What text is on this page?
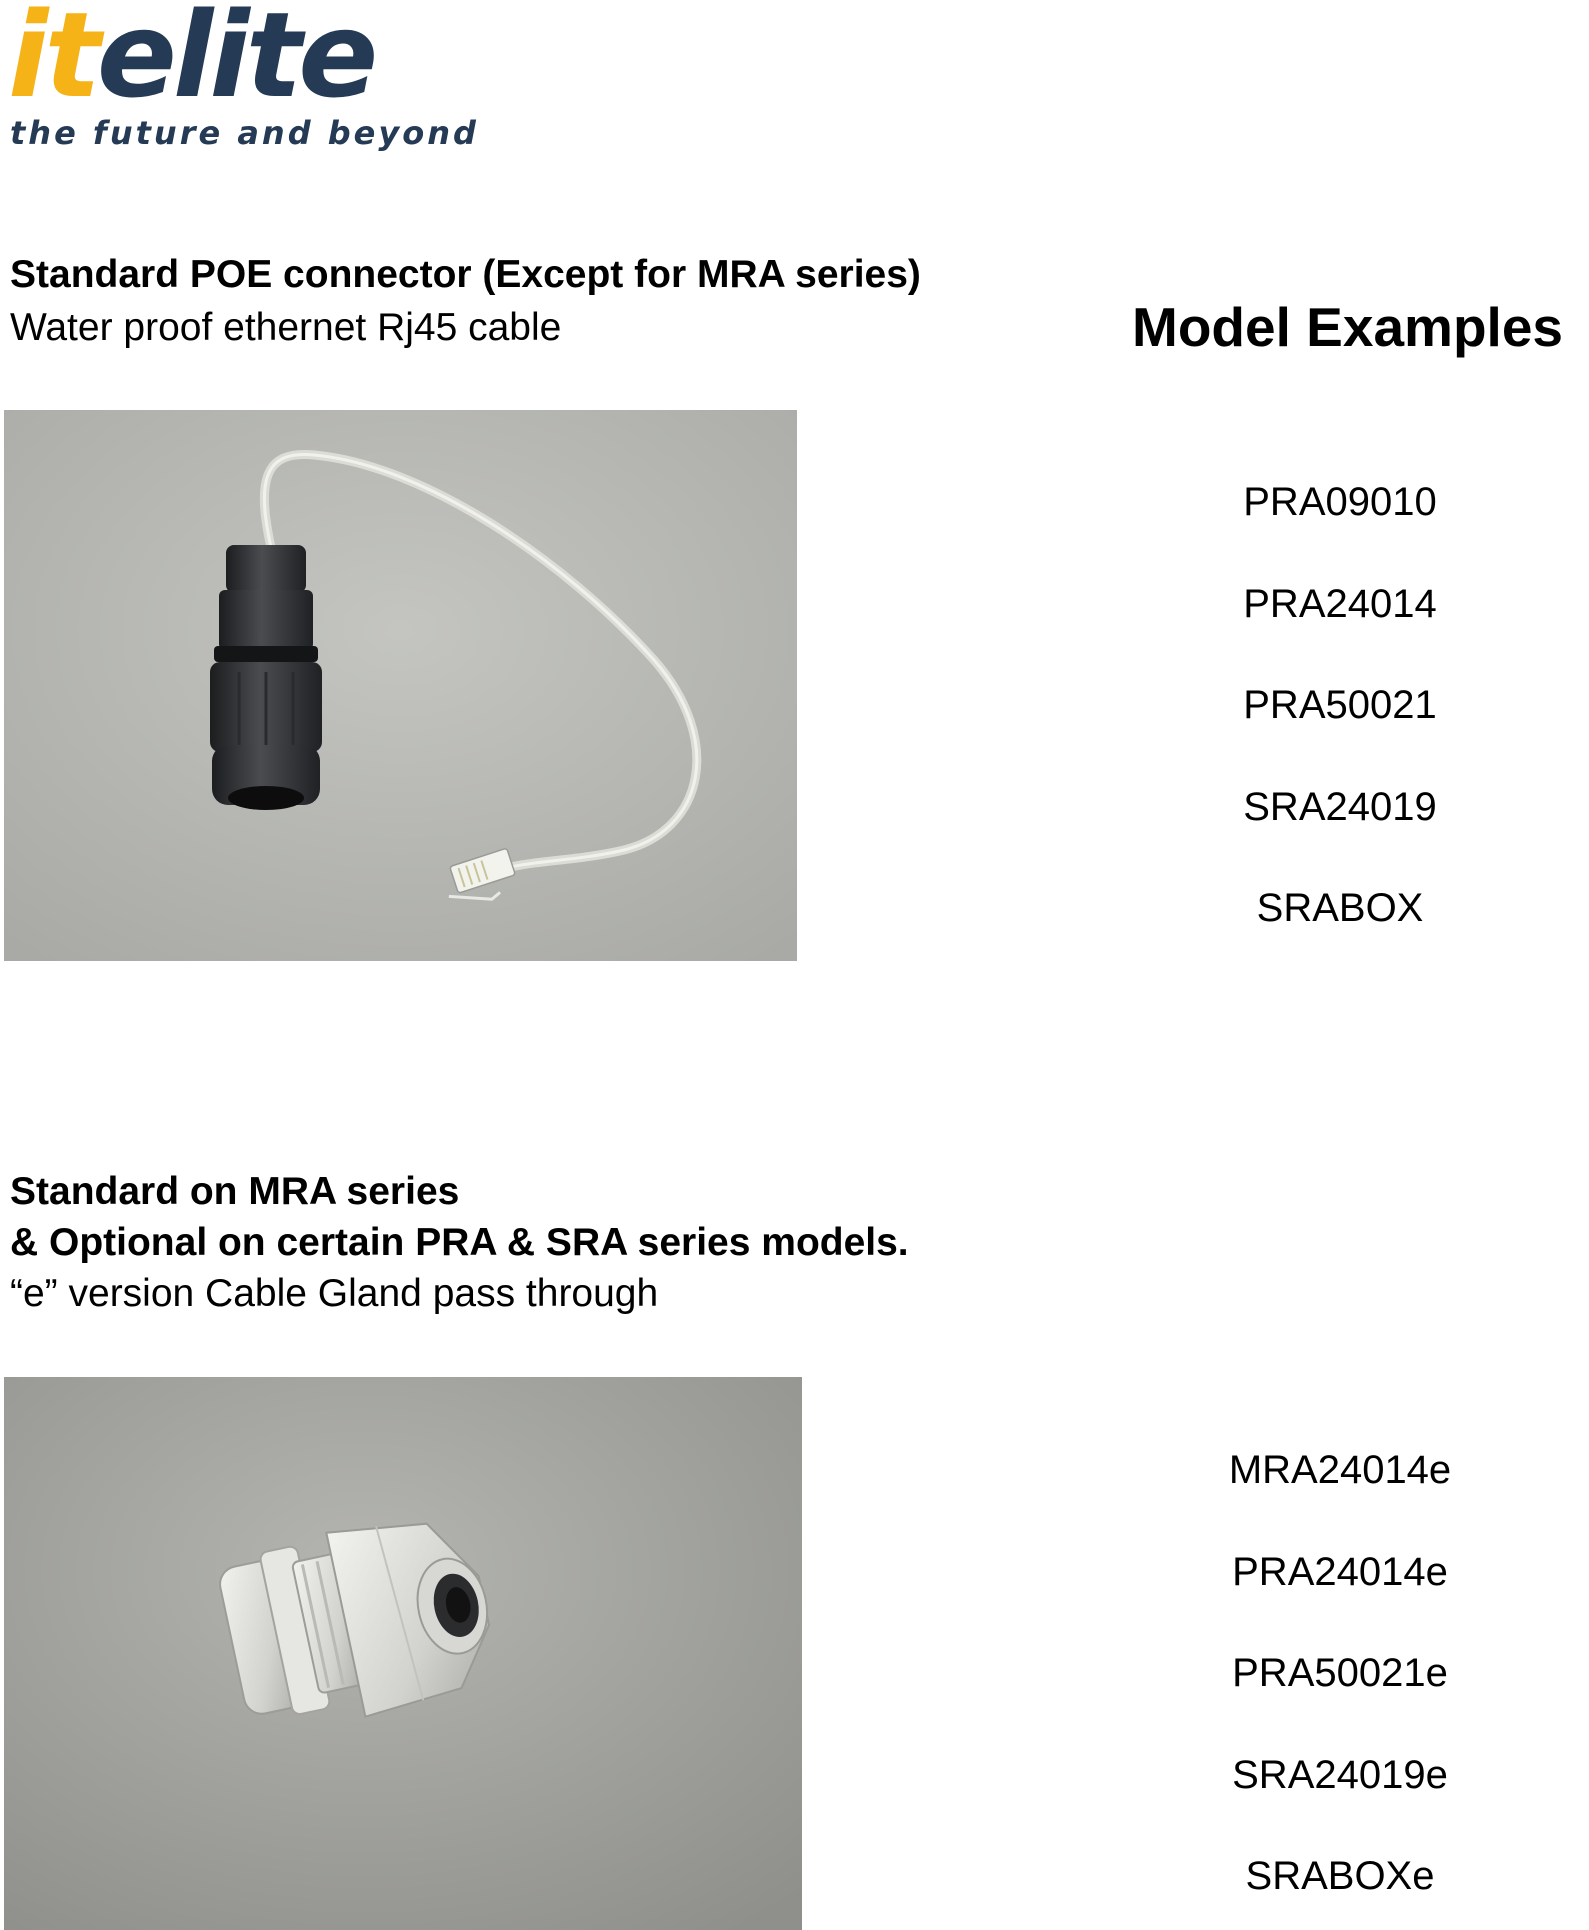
itelite
the future and beyond
Standard POE connector (Except for MRA series)
Water proof ethernet Rj45 cable	Model Examples
PRA09010
PRA24014
PRA50021
SRA24019
SRABOX
Standard on MRA series
& Optional on certain PRA & SRA series models.
“e” version Cable Gland pass through
MRA24014e
PRA24014e
PRA50021e
SRA24019e
SRABOXe
